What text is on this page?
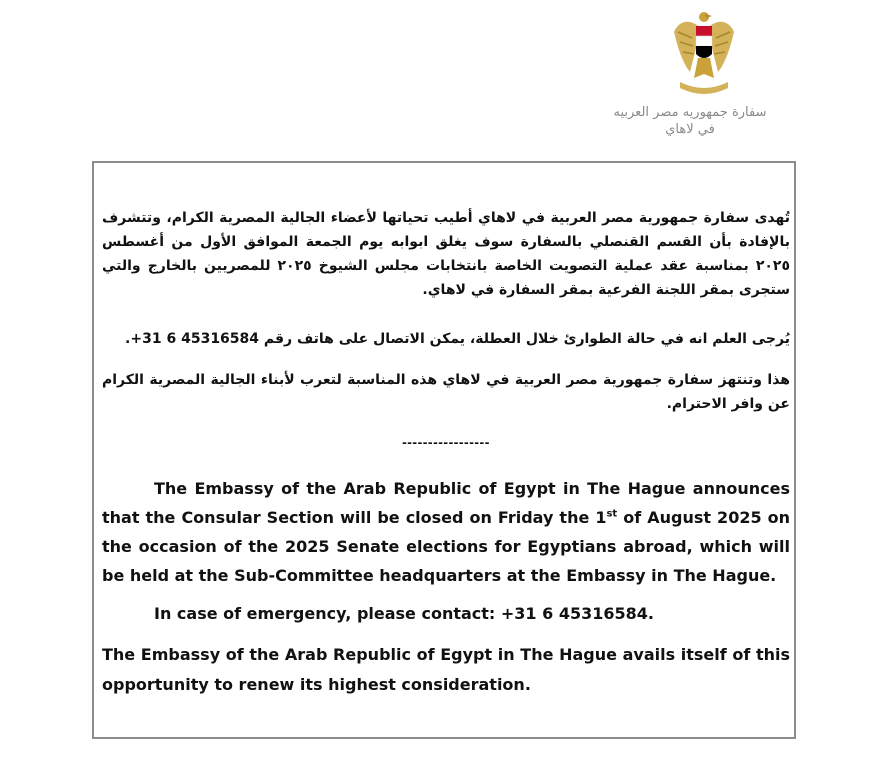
سفارة جمهوريه مصر العربيه
في لاهاي

تُهدى سفارة جمهورية مصر العربية في لاهاي أطيب تحياتها لأعضاء الجالية المصرية الكرام، وتتشرف بالإفادة بأن القسم القنصلي بالسفارة سوف يغلق ابوابه يوم الجمعة الموافق الأول من أغسطس ٢٠٢٥ بمناسبة عقد عملية التصويت الخاصة بانتخابات مجلس الشيوخ ٢٠٢٥ للمصريين بالخارج والتي ستجرى بمقر اللجنة الفرعية بمقر السفارة في لاهاي.

يُرجى العلم انه في حالة الطوارئ خلال العطلة، يمكن الاتصال على هاتف رقم 45316584 6 31+.

هذا وتنتهز سفارة جمهورية مصر العربية في لاهاي هذه المناسبة لتعرب لأبناء الجالية المصرية الكرام عن وافر الاحترام.

-----------------

The Embassy of the Arab Republic of Egypt in The Hague announces that the Consular Section will be closed on Friday the 1st of August 2025 on the occasion of the 2025 Senate elections for Egyptians abroad, which will be held at the Sub-Committee headquarters at the Embassy in The Hague.

In case of emergency, please contact: +31 6 45316584.

The Embassy of the Arab Republic of Egypt in The Hague avails itself of this opportunity to renew its highest consideration.
